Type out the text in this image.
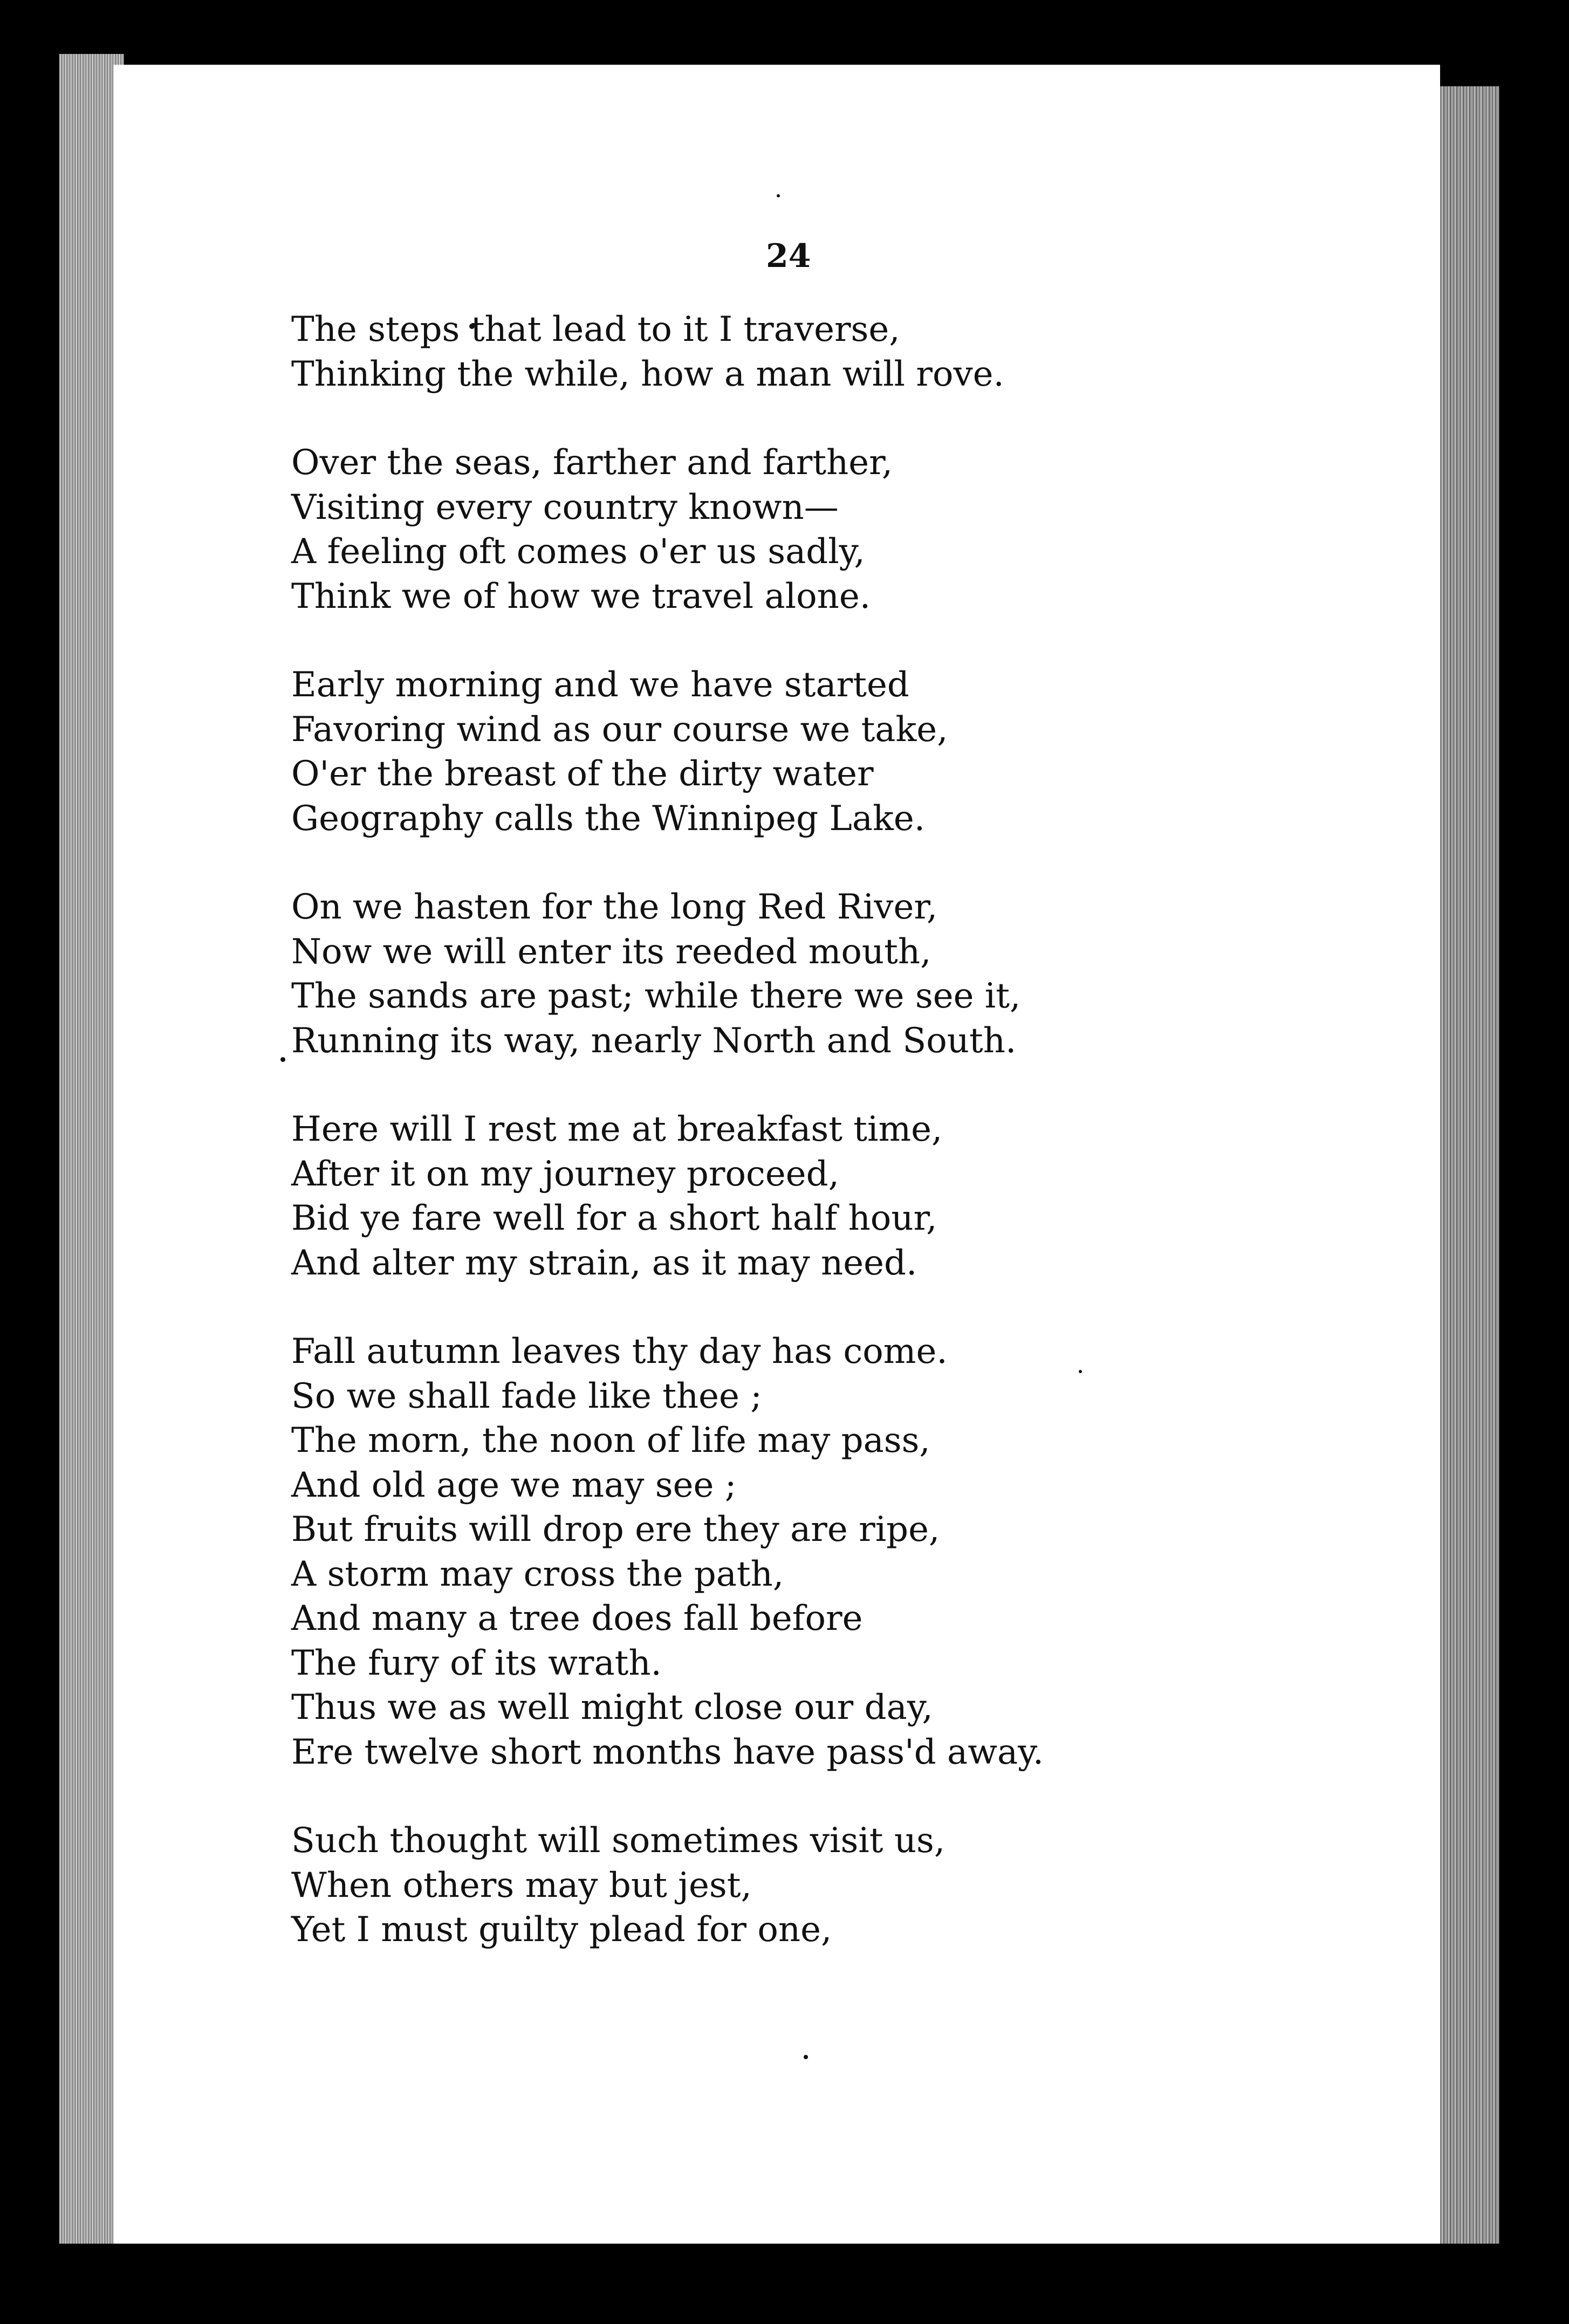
24
The steps that lead to it I traverse,
Thinking the while, how a man will rove.
Over the seas, farther and farther,
Visiting every country known—
A feeling oft comes o'er us sadly,
Think we of how we travel alone.
Early morning and we have started
Favoring wind as our course we take,
O'er the breast of the dirty water
Geography calls the Winnipeg Lake.
On we hasten for the long Red River,
Now we will enter its reeded mouth,
The sands are past; while there we see it,
Running its way, nearly North and South.
Here will I rest me at breakfast time,
After it on my journey proceed,
Bid ye fare well for a short half hour,
And alter my strain, as it may need.
Fall autumn leaves thy day has come.
So we shall fade like thee ;
The morn, the noon of life may pass,
And old age we may see ;
But fruits will drop ere they are ripe,
A storm may cross the path,
And many a tree does fall before
The fury of its wrath.
Thus we as well might close our day,
Ere twelve short months have pass'd away.
Such thought will sometimes visit us,
When others may but jest,
Yet I must guilty plead for one,
